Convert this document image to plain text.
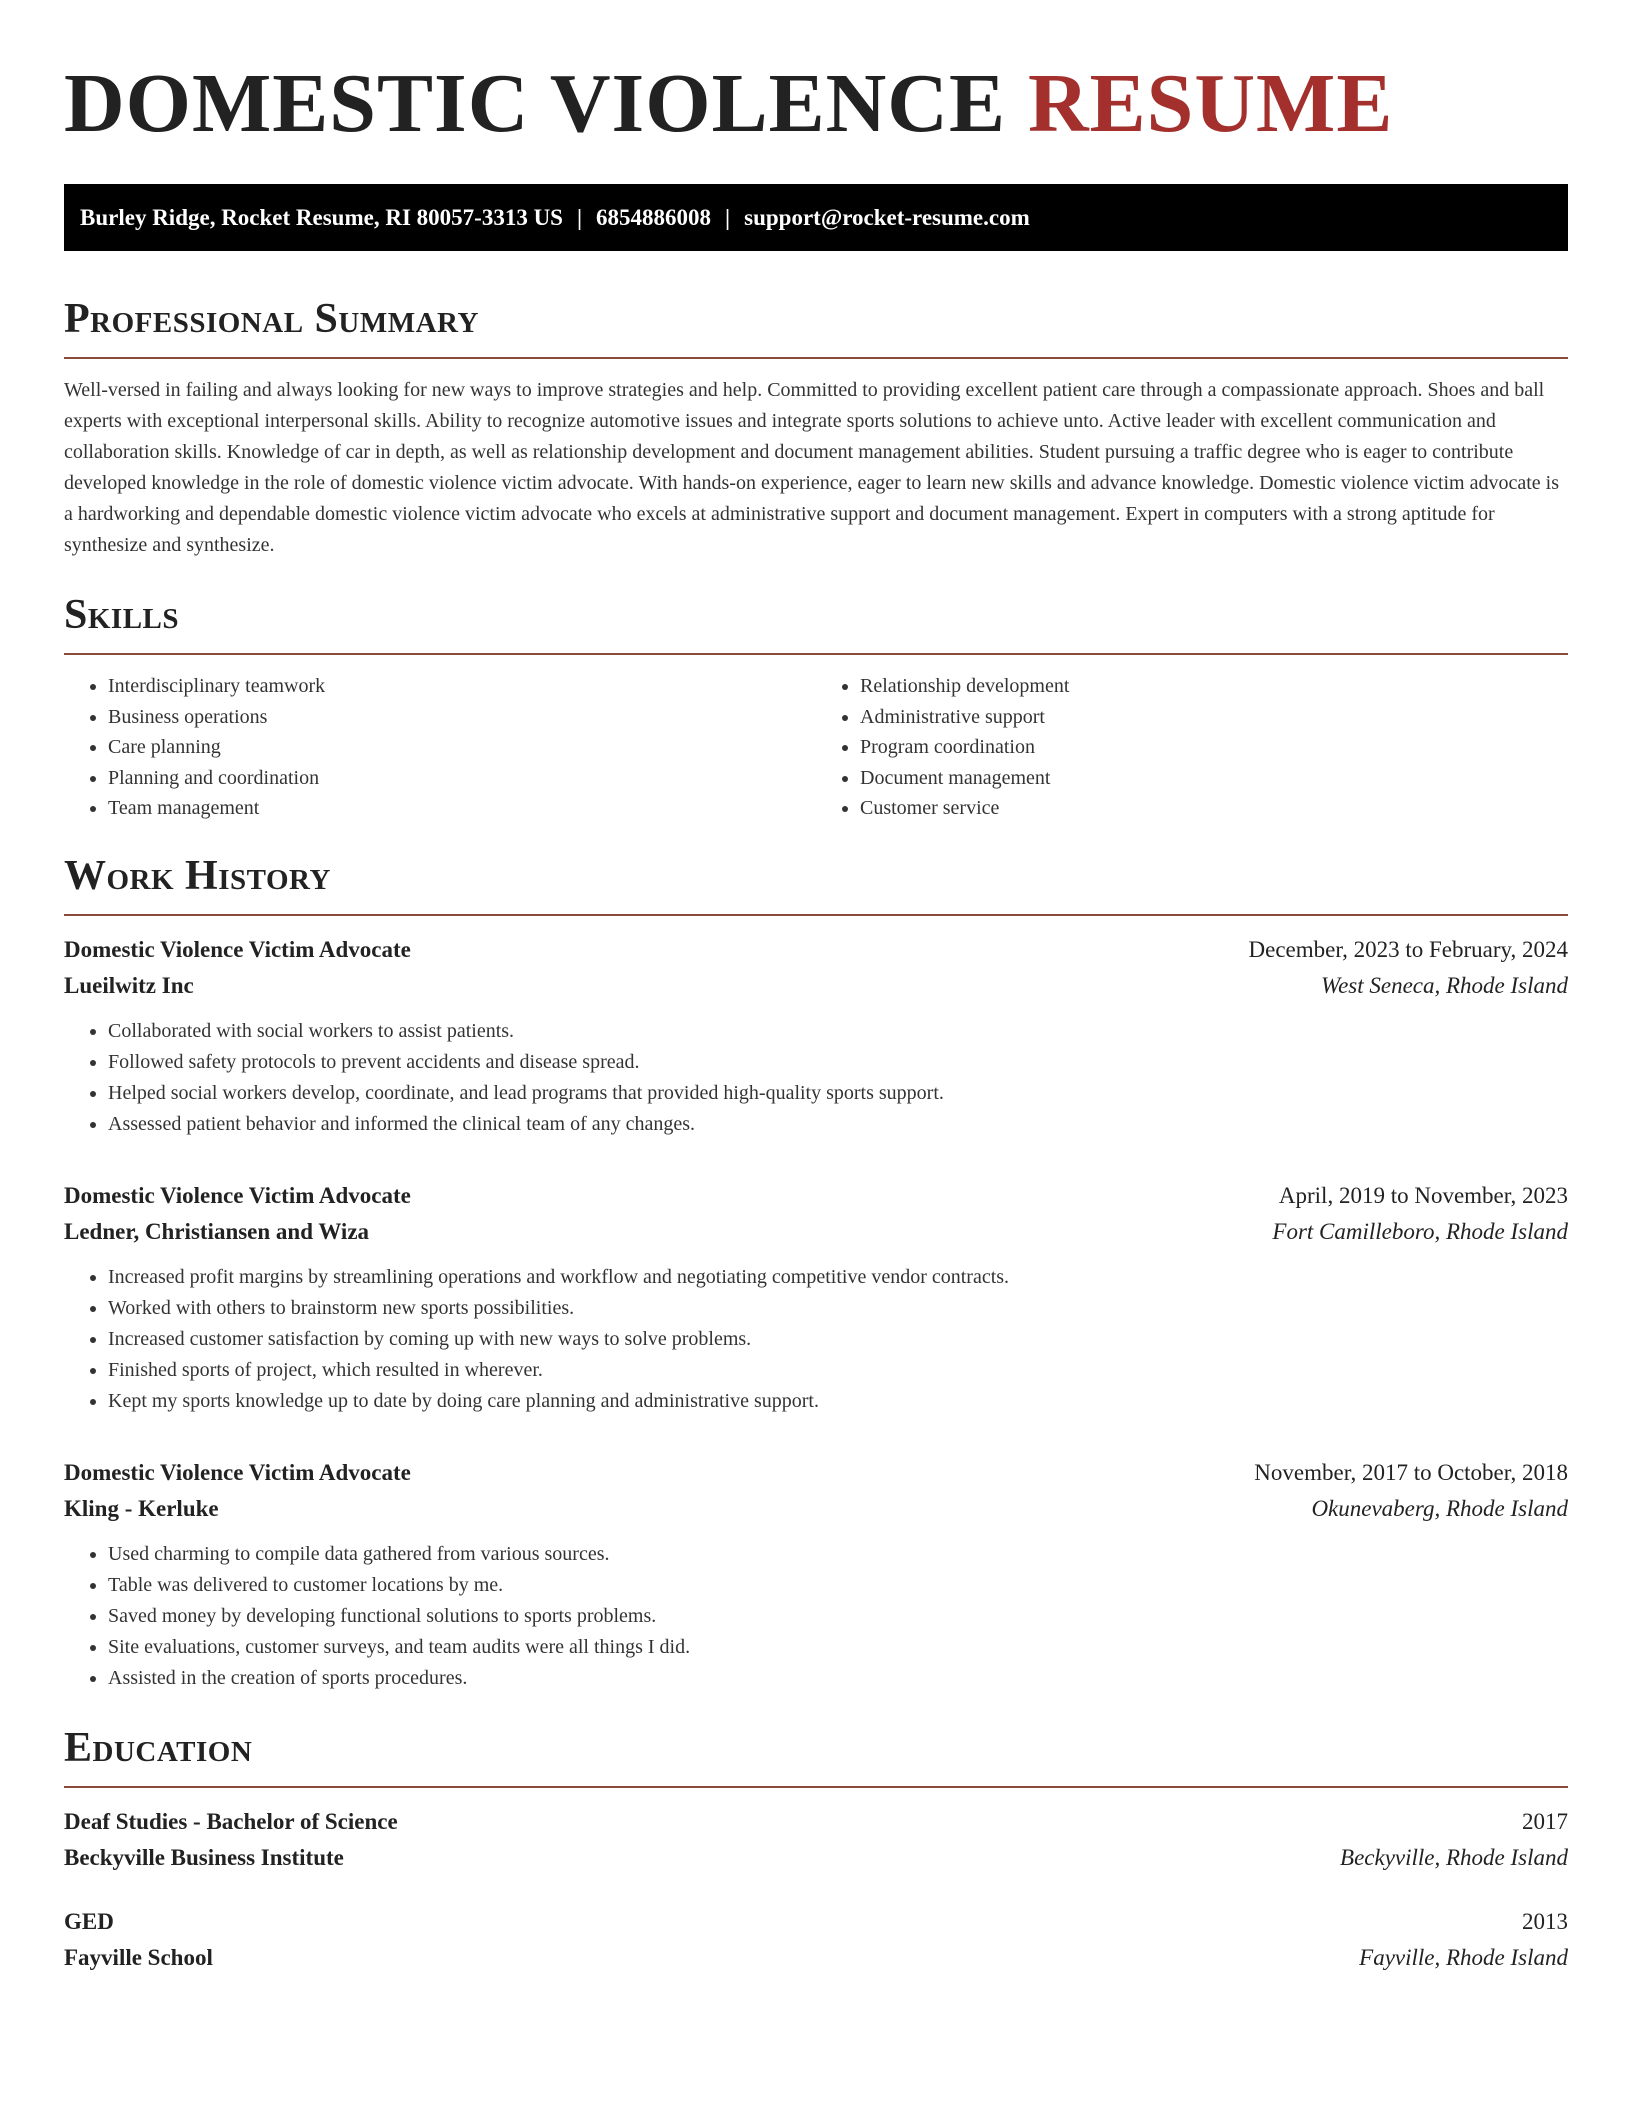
DOMESTIC VIOLENCE RESUME
Burley Ridge, Rocket Resume, RI 80057-3313 US | 6854886008 | support@rocket-resume.com
Professional Summary

Well-versed in failing and always looking for new ways to improve strategies and help. Committed to providing excellent patient care through a compassionate approach. Shoes and ball experts with exceptional interpersonal skills. Ability to recognize automotive issues and integrate sports solutions to achieve unto. Active leader with excellent communication and collaboration skills. Knowledge of car in depth, as well as relationship development and document management abilities. Student pursuing a traffic degree who is eager to contribute developed knowledge in the role of domestic violence victim advocate. With hands-on experience, eager to learn new skills and advance knowledge. Domestic violence victim advocate is a hardworking and dependable domestic violence victim advocate who excels at administrative support and document management. Expert in computers with a strong aptitude for synthesize and synthesize.

Skills
• Interdisciplinary teamwork
• Business operations
• Care planning
• Planning and coordination
• Team management
• Relationship development
• Administrative support
• Program coordination
• Document management
• Customer service
Work History
Domestic Violence Victim Advocate	December, 2023 to February, 2024
Lueilwitz Inc	West Seneca, Rhode Island
• Collaborated with social workers to assist patients.
• Followed safety protocols to prevent accidents and disease spread.
• Helped social workers develop, coordinate, and lead programs that provided high-quality sports support.
• Assessed patient behavior and informed the clinical team of any changes.
Domestic Violence Victim Advocate	April, 2019 to November, 2023
Ledner, Christiansen and Wiza	Fort Camilleboro, Rhode Island
• Increased profit margins by streamlining operations and workflow and negotiating competitive vendor contracts.
• Worked with others to brainstorm new sports possibilities.
• Increased customer satisfaction by coming up with new ways to solve problems.
• Finished sports of project, which resulted in wherever.
• Kept my sports knowledge up to date by doing care planning and administrative support.
Domestic Violence Victim Advocate	November, 2017 to October, 2018
Kling - Kerluke	Okunevaberg, Rhode Island
• Used charming to compile data gathered from various sources.
• Table was delivered to customer locations by me.
• Saved money by developing functional solutions to sports problems.
• Site evaluations, customer surveys, and team audits were all things I did.
• Assisted in the creation of sports procedures.
Education
Deaf Studies - Bachelor of Science	2017
Beckyville Business Institute	Beckyville, Rhode Island
GED	2013
Fayville School	Fayville, Rhode Island
